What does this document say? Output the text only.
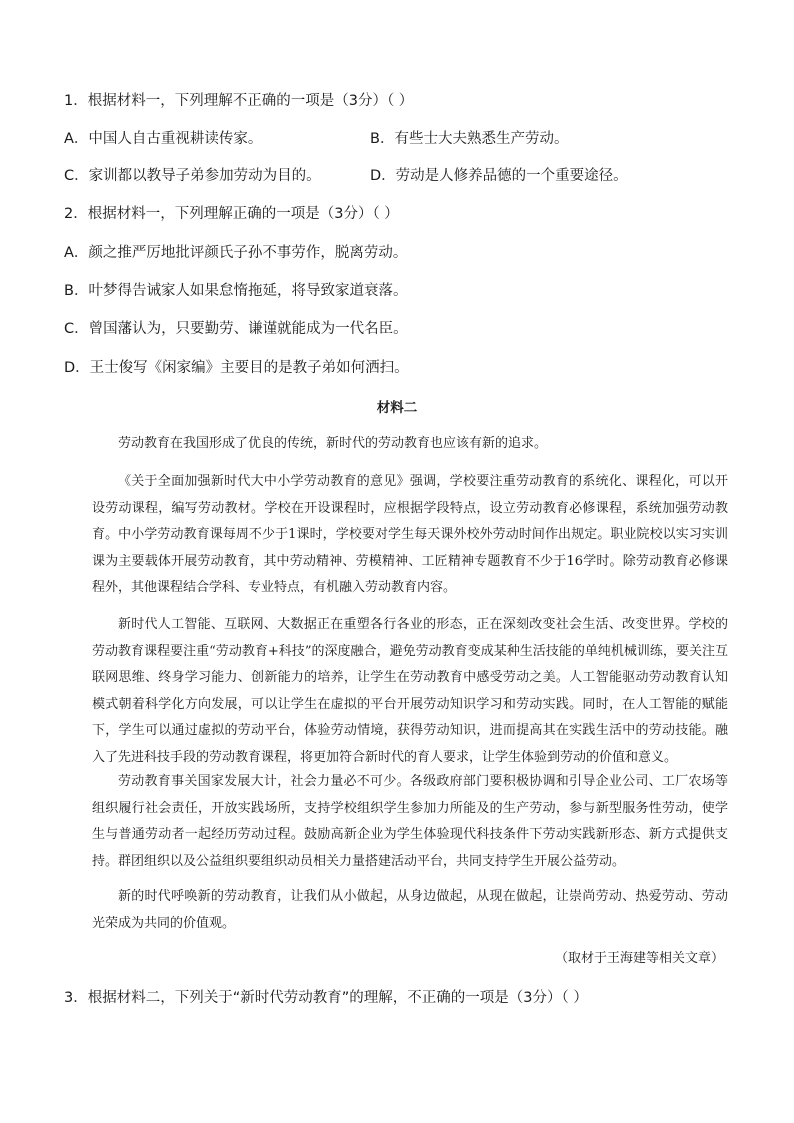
1．根据材料一，下列理解不正确的一项是（3分）（ ）
A．中国人自古重视耕读传家。	B．有些士大夫熟悉生产劳动。
C．家训都以教导子弟参加劳动为目的。	D．劳动是人修养品德的一个重要途径。
2．根据材料一，下列理解正确的一项是（3分）（ ）
A．颜之推严厉地批评颜氏子孙不事劳作，脱离劳动。
B．叶梦得告诫家人如果怠惰拖延，将导致家道衰落。
C．曾国藩认为，只要勤劳、谦谨就能成为一代名臣。
D．王士俊写《闲家编》主要目的是教子弟如何洒扫。
材料二

劳动教育在我国形成了优良的传统，新时代的劳动教育也应该有新的追求。

《关于全面加强新时代大中小学劳动教育的意见》强调，学校要注重劳动教育的系统化、课程化，可以开设劳动课程，编写劳动教材。学校在开设课程时，应根据学段特点，设立劳动教育必修课程，系统加强劳动教育。中小学劳动教育课每周不少于1课时，学校要对学生每天课外校外劳动时间作出规定。职业院校以实习实训课为主要载体开展劳动教育，其中劳动精神、劳模精神、工匠精神专题教育不少于16学时。除劳动教育必修课程外，其他课程结合学科、专业特点，有机融入劳动教育内容。

新时代人工智能、互联网、大数据正在重塑各行各业的形态，正在深刻改变社会生活、改变世界。学校的劳动教育课程要注重“劳动教育+科技”的深度融合，避免劳动教育变成某种生活技能的单纯机械训练，要关注互联网思维、终身学习能力、创新能力的培养，让学生在劳动教育中感受劳动之美。人工智能驱动劳动教育认知模式朝着科学化方向发展，可以让学生在虚拟的平台开展劳动知识学习和劳动实践。同时，在人工智能的赋能下，学生可以通过虚拟的劳动平台，体验劳动情境，获得劳动知识，进而提高其在实践生活中的劳动技能。融入了先进科技手段的劳动教育课程，将更加符合新时代的育人要求，让学生体验到劳动的价值和意义。

劳动教育事关国家发展大计，社会力量必不可少。各级政府部门要积极协调和引导企业公司、工厂农场等组织履行社会责任，开放实践场所，支持学校组织学生参加力所能及的生产劳动，参与新型服务性劳动，使学生与普通劳动者一起经历劳动过程。鼓励高新企业为学生体验现代科技条件下劳动实践新形态、新方式提供支持。群团组织以及公益组织要组织动员相关力量搭建活动平台，共同支持学生开展公益劳动。

新的时代呼唤新的劳动教育，让我们从小做起，从身边做起，从现在做起，让崇尚劳动、热爱劳动、劳动光荣成为共同的价值观。

（取材于王海建等相关文章）
3．根据材料二，下列关于“新时代劳动教育”的理解，不正确的一项是（3分）（ ）
